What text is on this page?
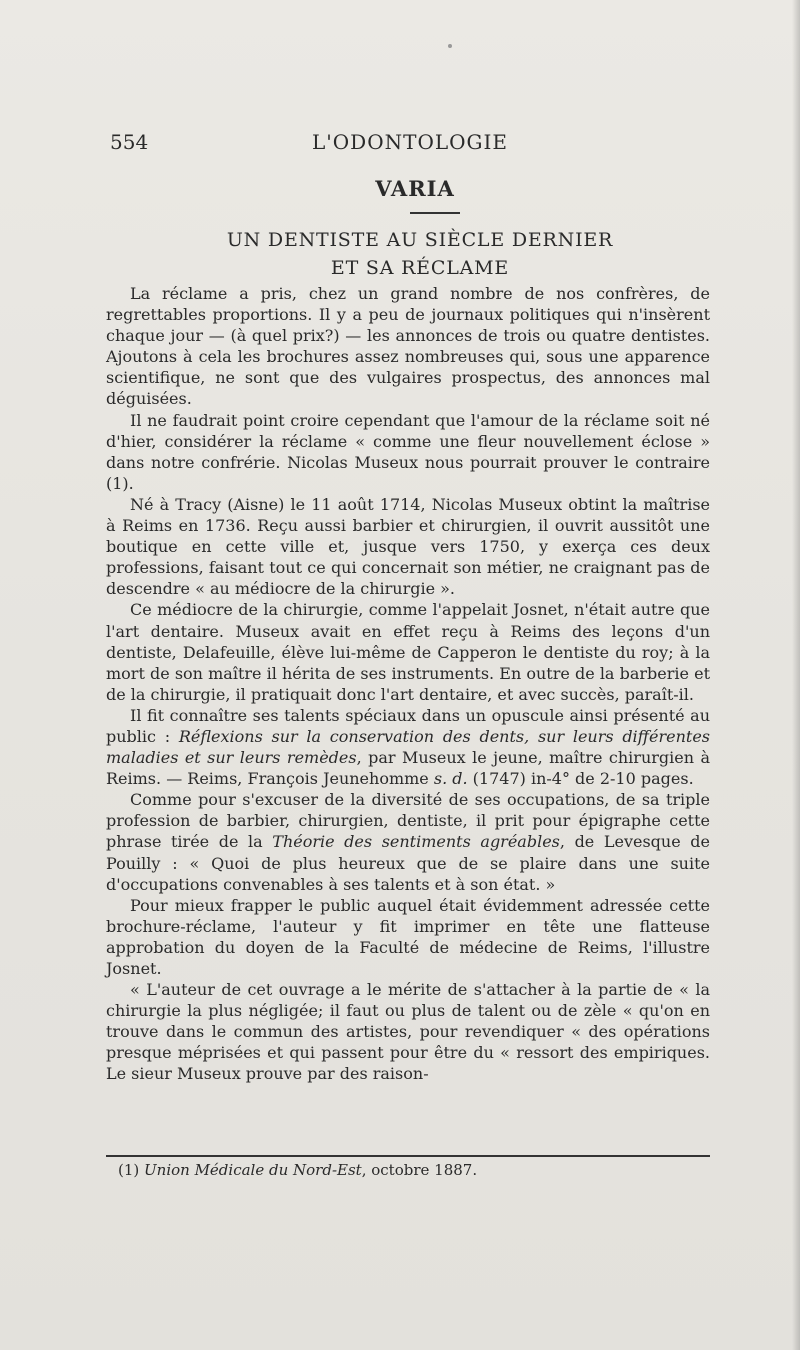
554	L'ODONTOLOGIE
VARIA
UN DENTISTE AU SIÈCLE DERNIER
ET SA RÉCLAME

La réclame a pris, chez un grand nombre de nos confrères, de regrettables proportions. Il y a peu de journaux politiques qui n'insèrent chaque jour — (à quel prix?) — les annonces de trois ou quatre dentistes. Ajoutons à cela les brochures assez nombreuses qui, sous une apparence scientifique, ne sont que des vulgaires prospectus, des annonces mal déguisées.

Il ne faudrait point croire cependant que l'amour de la réclame soit né d'hier, considérer la réclame « comme une fleur nouvellement éclose » dans notre confrérie. Nicolas Museux nous pourrait prouver le contraire (1).

Né à Tracy (Aisne) le 11 août 1714, Nicolas Museux obtint la maîtrise à Reims en 1736. Reçu aussi barbier et chirurgien, il ouvrit aussitôt une boutique en cette ville et, jusque vers 1750, y exerça ces deux professions, faisant tout ce qui concernait son métier, ne craignant pas de descendre « au médiocre de la chirurgie ».

Ce médiocre de la chirurgie, comme l'appelait Josnet, n'était autre que l'art dentaire. Museux avait en effet reçu à Reims des leçons d'un dentiste, Delafeuille, élève lui-même de Capperon le dentiste du roy; à la mort de son maître il hérita de ses instruments. En outre de la barberie et de la chirurgie, il pratiquait donc l'art dentaire, et avec succès, paraît-il.

Il fit connaître ses talents spéciaux dans un opuscule ainsi présenté au public : Réflexions sur la conservation des dents, sur leurs différentes maladies et sur leurs remèdes, par Museux le jeune, maître chirurgien à Reims. — Reims, François Jeunehomme s. d. (1747) in-4° de 2-10 pages.

Comme pour s'excuser de la diversité de ses occupations, de sa triple profession de barbier, chirurgien, dentiste, il prit pour épigraphe cette phrase tirée de la Théorie des sentiments agréables, de Levesque de Pouilly : « Quoi de plus heureux que de se plaire dans une suite d'occupations convenables à ses talents et à son état. »

Pour mieux frapper le public auquel était évidemment adressée cette brochure-réclame, l'auteur y fit imprimer en tête une flatteuse approbation du doyen de la Faculté de médecine de Reims, l'illustre Josnet.

« L'auteur de cet ouvrage a le mérite de s'attacher à la partie de « la chirurgie la plus négligée; il faut ou plus de talent ou de zèle « qu'on en trouve dans le commun des artistes, pour revendiquer « des opérations presque méprisées et qui passent pour être du « ressort des empiriques. Le sieur Museux prouve par des raison-

(1) Union Médicale du Nord-Est, octobre 1887.
